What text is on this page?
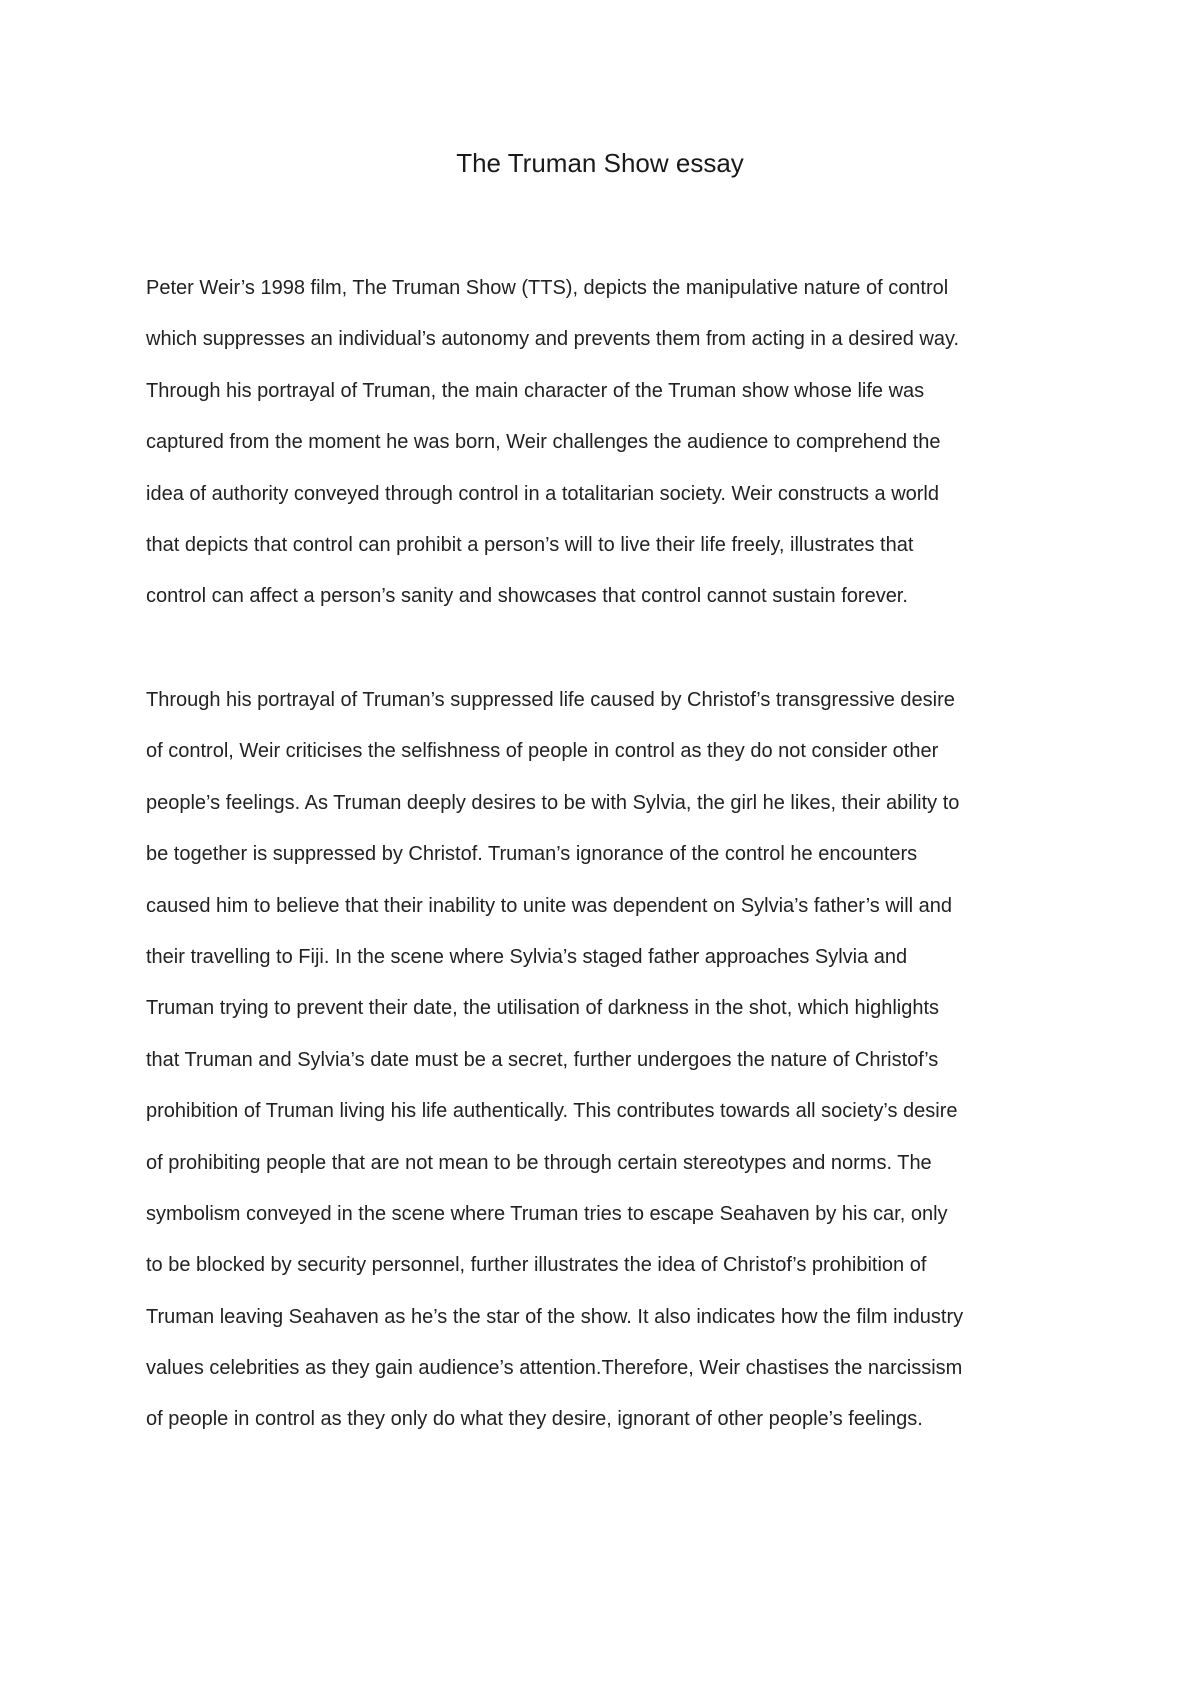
The Truman Show essay
Peter Weir’s 1998 film, The Truman Show (TTS), depicts the manipulative nature of control
which suppresses an individual’s autonomy and prevents them from acting in a desired way.
Through his portrayal of Truman, the main character of the Truman show whose life was
captured from the moment he was born, Weir challenges the audience to comprehend the
idea of authority conveyed through control in a totalitarian society. Weir constructs a world
that depicts that control can prohibit a person’s will to live their life freely, illustrates that
control can affect a person’s sanity and showcases that control cannot sustain forever.
Through his portrayal of Truman’s suppressed life caused by Christof’s transgressive desire
of control, Weir criticises the selfishness of people in control as they do not consider other
people’s feelings. As Truman deeply desires to be with Sylvia, the girl he likes, their ability to
be together is suppressed by Christof. Truman’s ignorance of the control he encounters
caused him to believe that their inability to unite was dependent on Sylvia’s father’s will and
their travelling to Fiji. In the scene where Sylvia’s staged father approaches Sylvia and
Truman trying to prevent their date, the utilisation of darkness in the shot, which highlights
that Truman and Sylvia’s date must be a secret, further undergoes the nature of Christof’s
prohibition of Truman living his life authentically. This contributes towards all society’s desire
of prohibiting people that are not mean to be through certain stereotypes and norms. The
symbolism conveyed in the scene where Truman tries to escape Seahaven by his car, only
to be blocked by security personnel, further illustrates the idea of Christof’s prohibition of
Truman leaving Seahaven as he’s the star of the show. It also indicates how the film industry
values celebrities as they gain audience’s attention.Therefore, Weir chastises the narcissism
of people in control as they only do what they desire, ignorant of other people’s feelings.
